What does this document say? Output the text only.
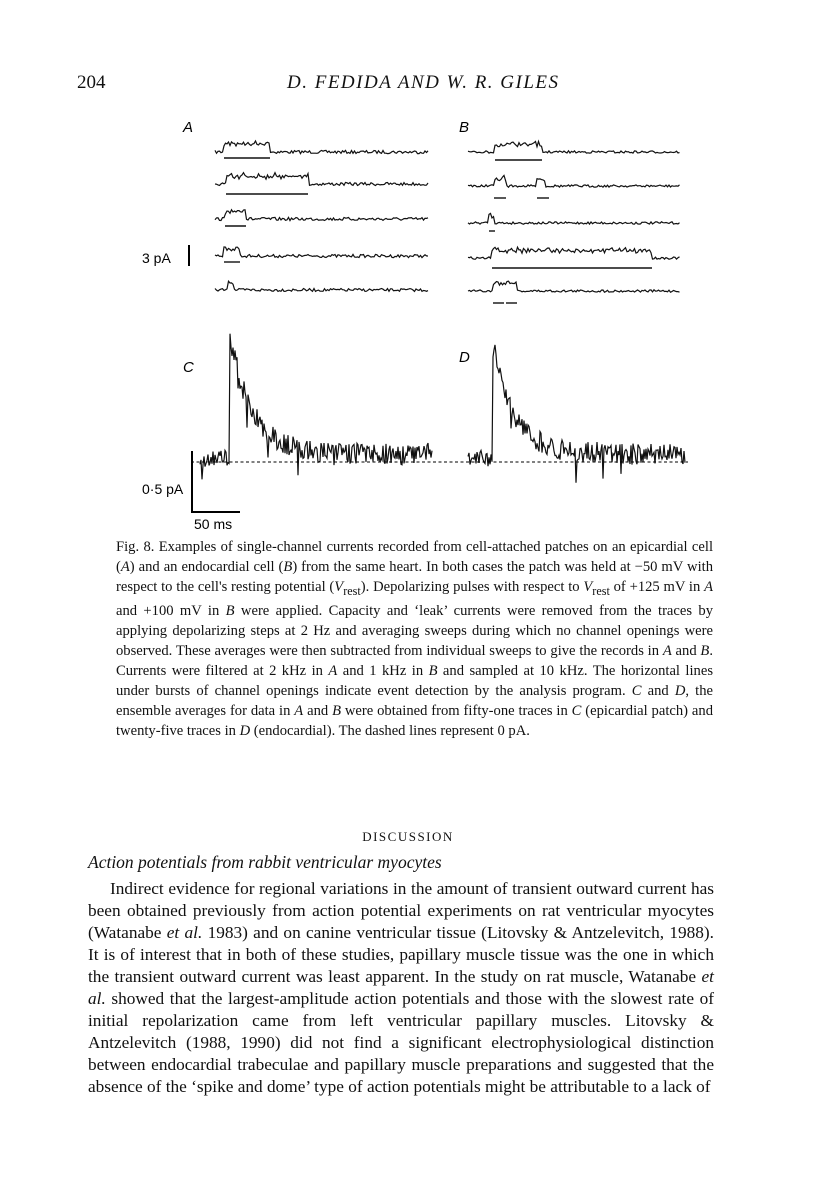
204	D. FEDIDA AND W. R. GILES
A	B
C
D
3 pA
0·5 pA
50 ms
Fig. 8. Examples of single-channel currents recorded from cell-attached patches on an epicardial cell (A) and an endocardial cell (B) from the same heart. In both cases the patch was held at −50 mV with respect to the cell's resting potential $(V_{rest})$. Depolarizing pulses with respect to $V_{rest}$ of +125 mV in A and +100 mV in B were applied. Capacity and ‘leak’ currents were removed from the traces by applying depolarizing steps at 2 Hz and averaging sweeps during which no channel openings were observed. These averages were then subtracted from individual sweeps to give the records in A and B. Currents were filtered at 2 kHz in A and 1 kHz in B and sampled at 10 kHz. The horizontal lines under bursts of channel openings indicate event detection by the analysis program. C and D, the ensemble averages for data in A and B were obtained from fifty-one traces in C (epicardial patch) and twenty-five traces in D (endocardial). The dashed lines represent 0 pA.
DISCUSSION
Action potentials from rabbit ventricular myocytes

Indirect evidence for regional variations in the amount of transient outward current has been obtained previously from action potential experiments on rat ventricular myocytes (Watanabe et al. 1983) and on canine ventricular tissue (Litovsky & Antzelevitch, 1988). It is of interest that in both of these studies, papillary muscle tissue was the one in which the transient outward current was least apparent. In the study on rat muscle, Watanabe et al. showed that the largest-amplitude action potentials and those with the slowest rate of initial repolarization came from left ventricular papillary muscles. Litovsky & Antzelevitch (1988, 1990) did not find a significant electrophysiological distinction between endocardial trabeculae and papillary muscle preparations and suggested that the absence of the ‘spike and dome’ type of action potentials might be attributable to a lack of
